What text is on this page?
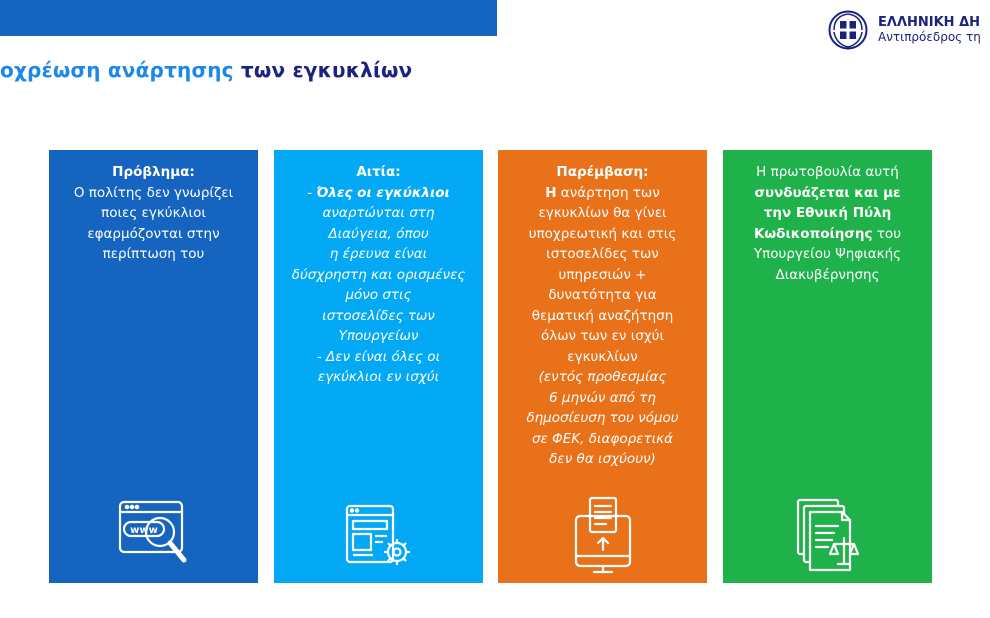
οχρέωση ανάρτησης των εγκυκλίων
ΕΛΛΗΝΙΚΗ ΔΗ
Αντιπρόεδρος τη
Πρόβλημα:
Ο πολίτης δεν γνωρίζει
ποιες εγκύκλιοι
εφαρμόζονται στην
περίπτωση του
www
Αιτία:
- Όλες οι εγκύκλιοι
αναρτώνται στη
Διαύγεια, όπου
η έρευνα είναι
δύσχρηστη και ορισμένες
μόνο στις
ιστοσελίδες των
Υπουργείων
- Δεν είναι όλες οι
εγκύκλιοι εν ισχύι
Παρέμβαση:
Η ανάρτηση των
εγκυκλίων θα γίνει
υποχρεωτική και στις
ιστοσελίδες των
υπηρεσιών +
δυνατότητα για
θεματική αναζήτηση
όλων των εν ισχύι
εγκυκλίων
(εντός προθεσμίας
6 μηνών από τη
δημοσίευση του νόμου
σε ΦΕΚ, διαφορετικά
δεν θα ισχύουν)
Η πρωτοβουλία αυτή
συνδυάζεται και με
την Εθνική Πύλη
Κωδικοποίησης του
Υπουργείου Ψηφιακής
Διακυβέρνησης
